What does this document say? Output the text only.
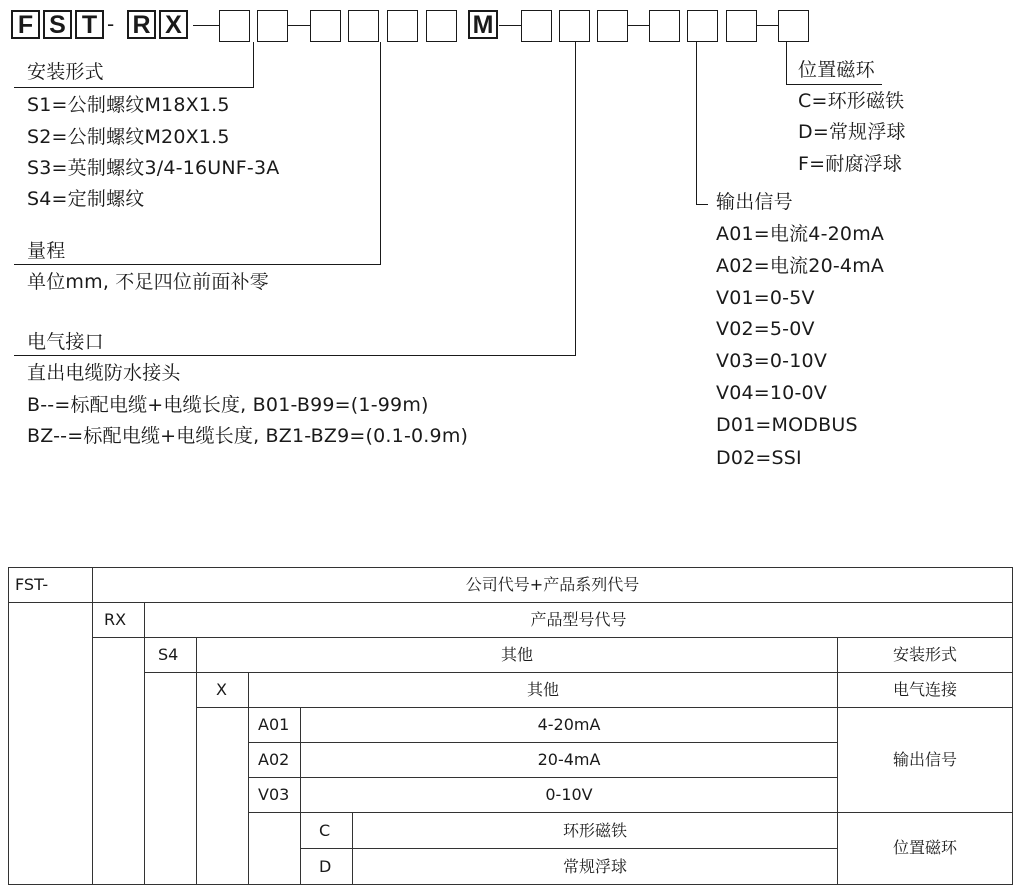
F S T - R X	M
安装形式
S1=公制螺纹M18X1.5
S2=公制螺纹M20X1.5
S3=英制螺纹3/4-16UNF-3A
S4=定制螺纹
量程
单位mm, 不足四位前面补零
电气接口
直出电缆防水接头
B--=标配电缆+电缆长度, B01-B99=(1-99m)
BZ--=标配电缆+电缆长度, BZ1-BZ9=(0.1-0.9m)
位置磁环
C=环形磁铁
D=常规浮球
F=耐腐浮球
输出信号
A01=电流4-20mA
A02=电流20-4mA
V01=0-5V
V02=5-0V
V03=0-10V
V04=10-0V
D01=MODBUS
D02=SSI
FST-	公司代号+产品系列代号
RX	产品型号代号
S4	其他	安装形式
X	其他	电气连接
A01	4-20mA
A02	20-4mA
V03	0-10V
输出信号
C	环形磁铁
D	常规浮球
位置磁环
